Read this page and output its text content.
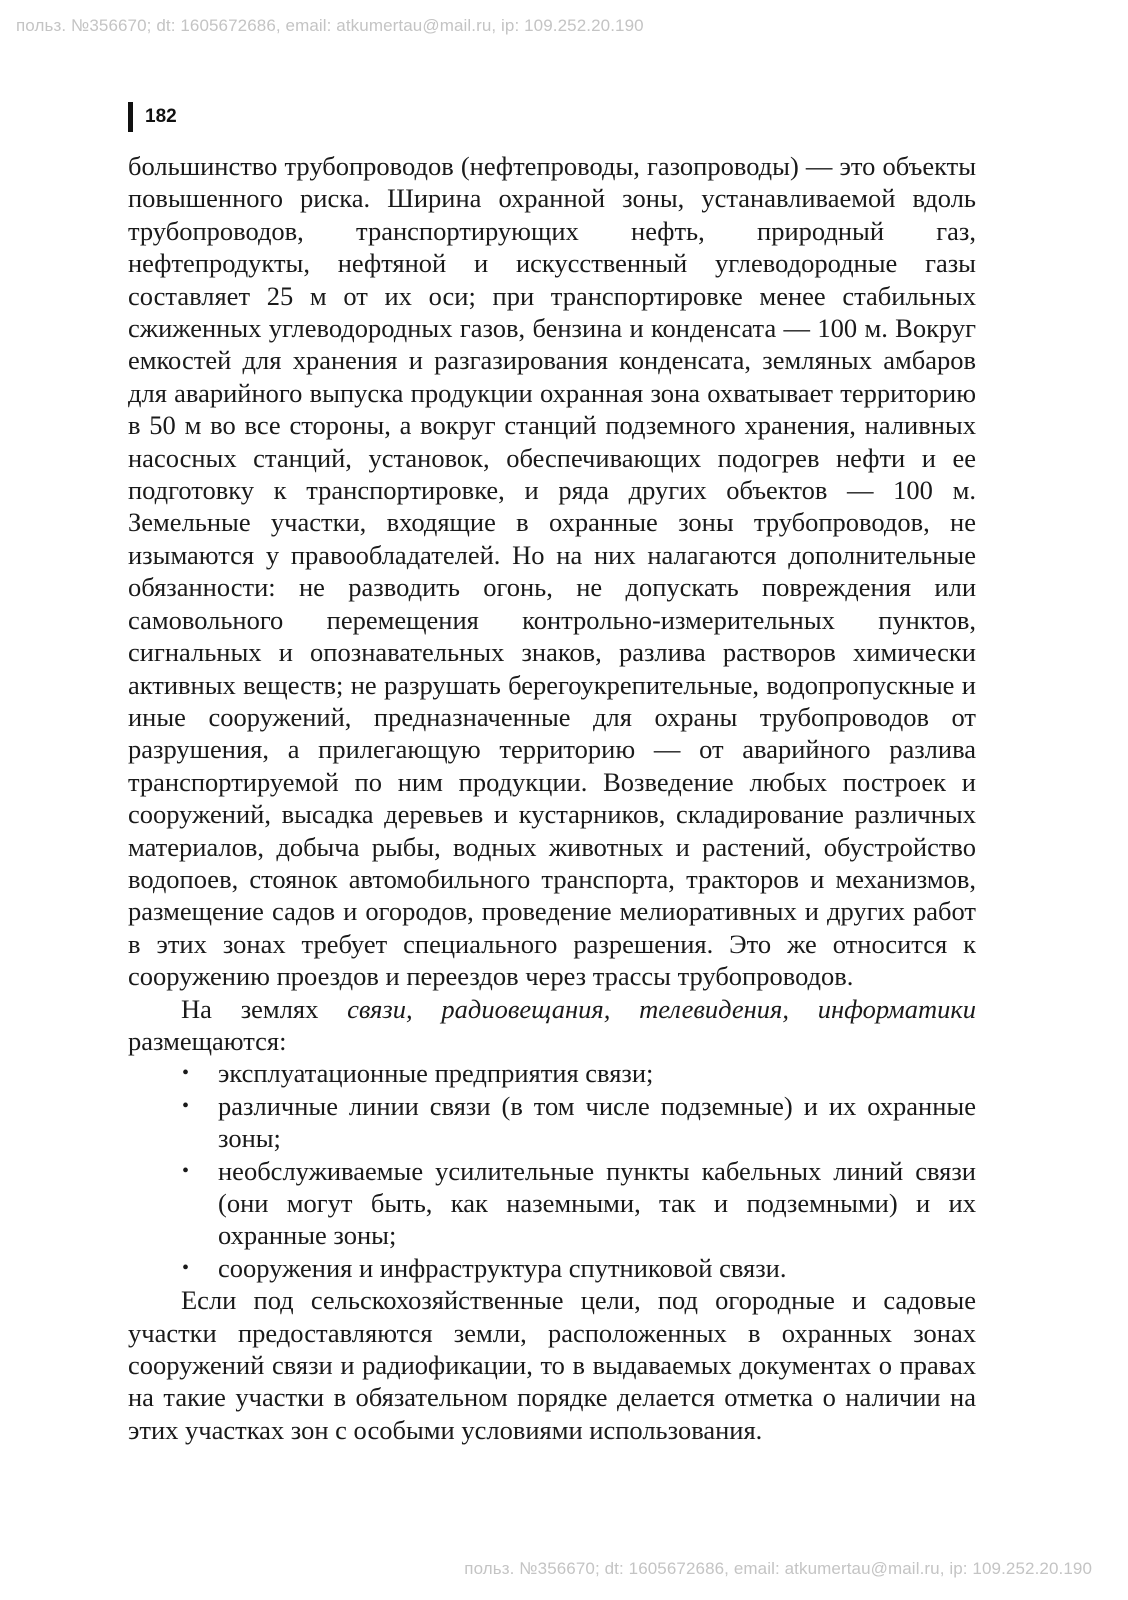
польз. №356670; dt: 1605672686, email: atkumertau@mail.ru, ip: 109.252.20.190
182

большинство трубопроводов (нефтепроводы, газопроводы) — это объекты повышенного риска. Ширина охранной зоны, устанавливаемой вдоль трубопроводов, транспортирующих нефть, природный газ, нефтепродукты, нефтяной и искусственный углеводородные газы составляет 25 м от их оси; при транспортировке менее стабильных сжиженных углеводородных газов, бензина и конденсата — 100 м. Вокруг емкостей для хранения и разгазирования конденсата, земляных амбаров для аварийного выпуска продукции охранная зона охватывает территорию в 50 м во все стороны, а вокруг станций подземного хранения, наливных насосных станций, установок, обеспечивающих подогрев нефти и ее подготовку к транспортировке, и ряда других объектов — 100 м. Земельные участки, входящие в охранные зоны трубопроводов, не изымаются у правообладателей. Но на них налагаются дополнительные обязанности: не разводить огонь, не допускать повреждения или самовольного перемещения контрольно-измерительных пунктов, сигнальных и опознавательных знаков, разлива растворов химически активных веществ; не разрушать берегоукрепительные, водопропускные и иные сооружений, предназначенные для охраны трубопроводов от разрушения, а прилегающую территорию — от аварийного разлива транспортируемой по ним продукции. Возведение любых построек и сооружений, высадка деревьев и кустарников, складирование различных материалов, добыча рыбы, водных животных и растений, обустройство водопоев, стоянок автомобильного транспорта, тракторов и механизмов, размещение садов и огородов, проведение мелиоративных и других работ в этих зонах требует специального разрешения. Это же относится к сооружению проездов и переездов через трассы трубопроводов.

На землях связи, радиовещания, телевидения, информатики размещаются:

• эксплуатационные предприятия связи;
• различные линии связи (в том числе подземные) и их охранные зоны;
• необслуживаемые усилительные пункты кабельных линий связи (они могут быть, как наземными, так и подземными) и их охранные зоны;
• сооружения и инфраструктура спутниковой связи.

Если под сельскохозяйственные цели, под огородные и садовые участки предоставляются земли, расположенных в охранных зонах сооружений связи и радиофикации, то в выдаваемых документах о правах на такие участки в обязательном порядке делается отметка о наличии на этих участках зон с особыми условиями использования.

польз. №356670; dt: 1605672686, email: atkumertau@mail.ru, ip: 109.252.20.190
